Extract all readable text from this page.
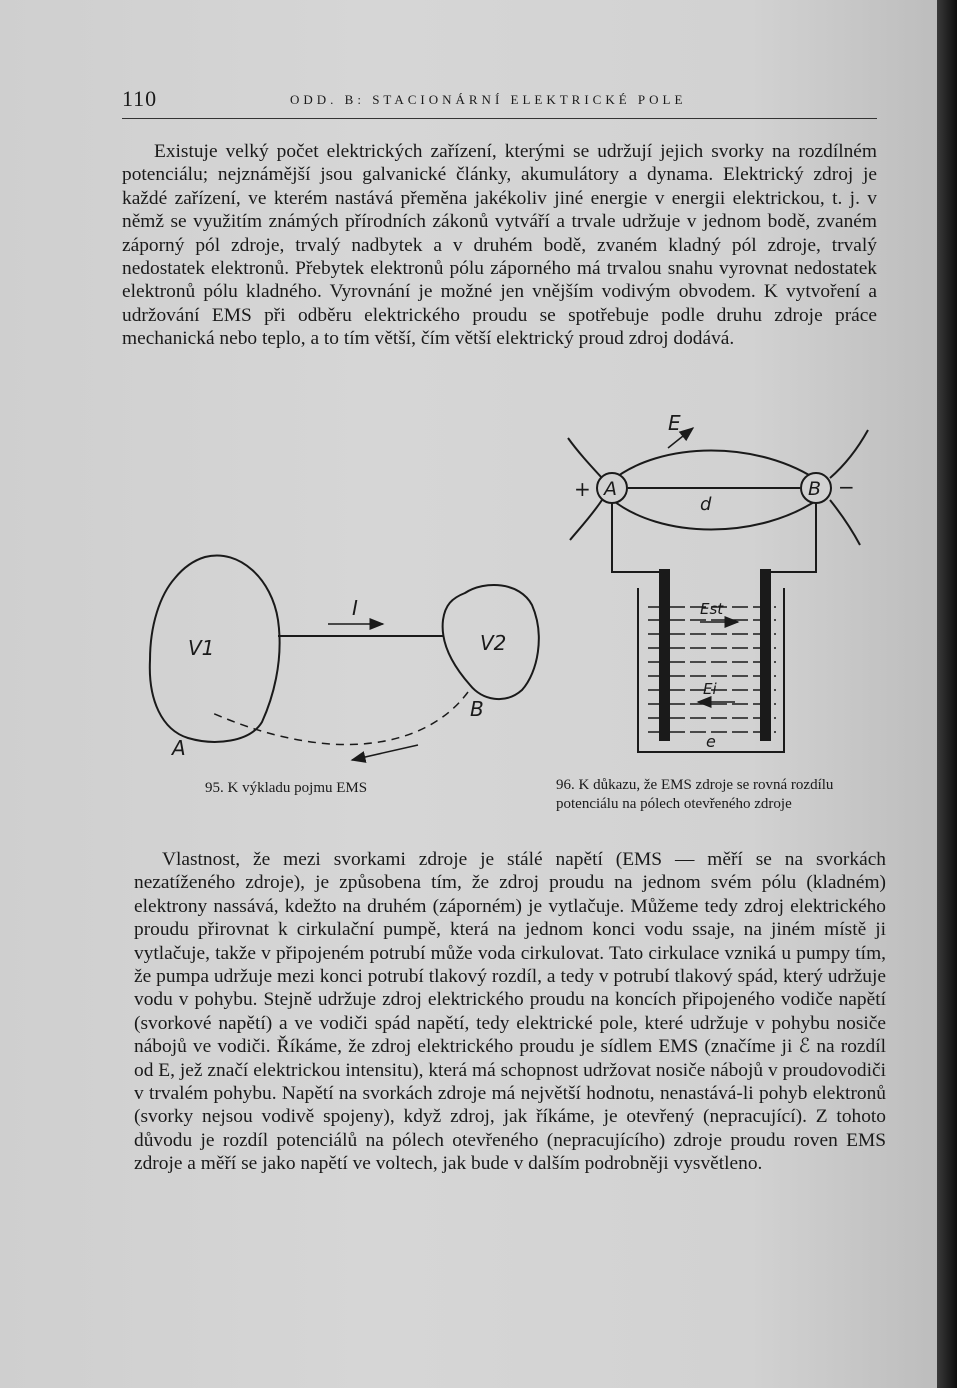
110	ODD. B: STACIONÁRNÍ ELEKTRICKÉ POLE
Existuje velký počet elektrických zařízení, kterými se udržují jejich svorky na rozdílném potenciálu; nejznámější jsou galvanické články, akumulátory a dynama. Elektrický zdroj je každé zařízení, ve kterém nastává přeměna jakékoliv jiné energie v energii elektrickou, t. j. v němž se využitím známých přírodních zákonů vytváří a trvale udržuje v jednom bodě, zvaném záporný pól zdroje, trvalý nadbytek a v druhém bodě, zvaném kladný pól zdroje, trvalý nedostatek elektronů. Přebytek elektronů pólu záporného má trvalou snahu vyrovnat nedostatek elektronů pólu kladného. Vyrovnání je možné jen vnějším vodivým obvodem. K vytvoření a udržování EMS při odběru elektrického proudu se spotřebuje podle druhu zdroje práce mechanická nebo teplo, a to tím větší, čím větší elektrický proud zdroj dodává.
I
V1	V2
A
B
E
A	B
+	−
d
Est
Ei
e
95. K výkladu pojmu EMS	96. K důkazu, že EMS zdroje se rovná rozdílu potenciálu na pólech otevřeného zdroje
Vlastnost, že mezi svorkami zdroje je stálé napětí (EMS — měří se na svorkách nezatíženého zdroje), je způsobena tím, že zdroj proudu na jednom svém pólu (kladném) elektrony nassává, kdežto na druhém (záporném) je vytlačuje. Můžeme tedy zdroj elektrického proudu přirovnat k cirkulační pumpě, která na jednom konci vodu ssaje, na jiném místě ji vytlačuje, takže v připojeném potrubí může voda cirkulovat. Tato cirkulace vzniká u pumpy tím, že pumpa udržuje mezi konci potrubí tlakový rozdíl, a tedy v potrubí tlakový spád, který udržuje vodu v pohybu. Stejně udržuje zdroj elektrického proudu na koncích připojeného vodiče napětí (svorkové napětí) a ve vodiči spád napětí, tedy elektrické pole, které udržuje v pohybu nosiče nábojů ve vodiči. Říkáme, že zdroj elektrického proudu je sídlem EMS (značíme ji ℰ na rozdíl od E, jež značí elektrickou intensitu), která má schopnost udržovat nosiče nábojů v proudovodiči v trvalém pohybu. Napětí na svorkách zdroje má největší hodnotu, nenastává-li pohyb elektronů (svorky nejsou vodivě spojeny), když zdroj, jak říkáme, je otevřený (nepracující). Z tohoto důvodu je rozdíl potenciálů na pólech otevřeného (nepracujícího) zdroje proudu roven EMS zdroje a měří se jako napětí ve voltech, jak bude v dalším podrobněji vysvětleno.
